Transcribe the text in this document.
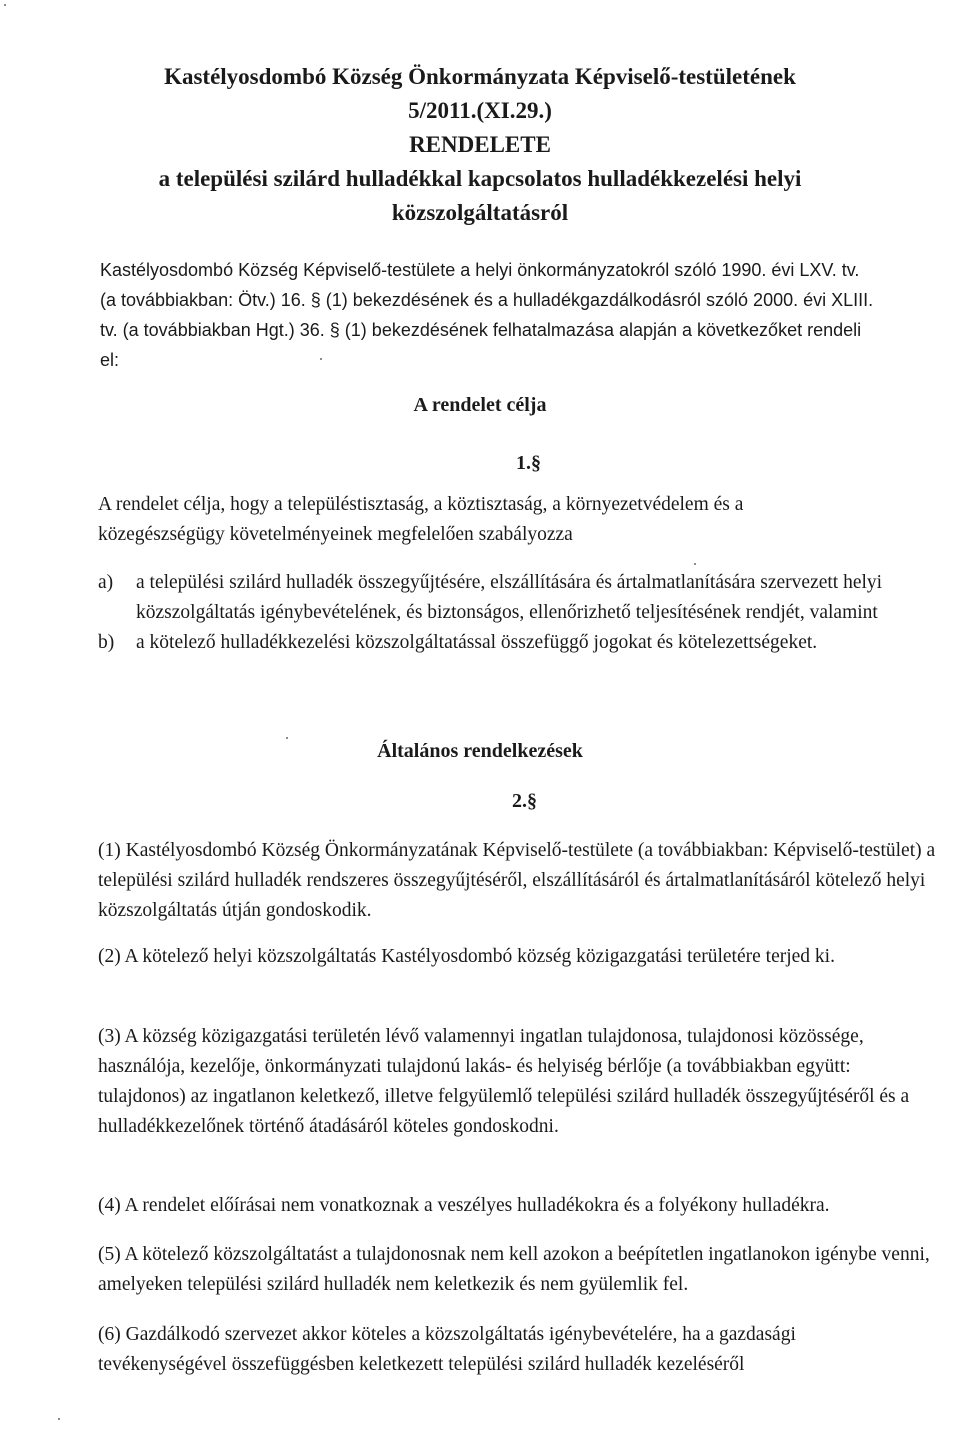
Kastélyosdombó Község Önkormányzata Képviselő-testületének
5/2011.(XI.29.)
RENDELETE
a települési szilárd hulladékkal kapcsolatos hulladékkezelési helyi
közszolgáltatásról
Kastélyosdombó Község Képviselő-testülete a helyi önkormányzatokról szóló 1990. évi LXV. tv. (a továbbiakban: Ötv.) 16. § (1) bekezdésének és a hulladékgazdálkodásról szóló 2000. évi XLIII. tv. (a továbbiakban Hgt.) 36. § (1) bekezdésének felhatalmazása alapján a következőket rendeli el:
A rendelet célja
1.§
A rendelet célja, hogy a településtisztaság, a köztisztaság, a környezetvédelem és a közegészségügy követelményeinek megfelelően szabályozza
a)	a települési szilárd hulladék összegyűjtésére, elszállítására és ártalmatlanítására szervezett helyi közszolgáltatás igénybevételének, és biztonságos, ellenőrizhető teljesítésének rendjét, valamint
b)	a kötelező hulladékkezelési közszolgáltatással összefüggő jogokat és kötelezettségeket.
Általános rendelkezések
2.§
(1) Kastélyosdombó Község Önkormányzatának Képviselő-testülete (a továbbiakban: Képviselő-testület) a települési szilárd hulladék rendszeres összegyűjtéséről, elszállításáról és ártalmatlanításáról kötelező helyi közszolgáltatás útján gondoskodik.
(2) A kötelező helyi közszolgáltatás Kastélyosdombó község közigazgatási területére terjed ki.
(3) A község közigazgatási területén lévő valamennyi ingatlan tulajdonosa, tulajdonosi közössége, használója, kezelője, önkormányzati tulajdonú lakás- és helyiség bérlője (a továbbiakban együtt: tulajdonos) az ingatlanon keletkező, illetve felgyülemlő települési szilárd hulladék összegyűjtéséről és a hulladékkezelőnek történő átadásáról köteles gondoskodni.
(4) A rendelet előírásai nem vonatkoznak a veszélyes hulladékokra és a folyékony hulladékra.
(5) A kötelező közszolgáltatást a tulajdonosnak nem kell azokon a beépítetlen ingatlanokon igénybe venni, amelyeken települési szilárd hulladék nem keletkezik és nem gyülemlik fel.
(6) Gazdálkodó szervezet akkor köteles a közszolgáltatás igénybevételére, ha a gazdasági tevékenységével összefüggésben keletkezett települési szilárd hulladék kezeléséről
